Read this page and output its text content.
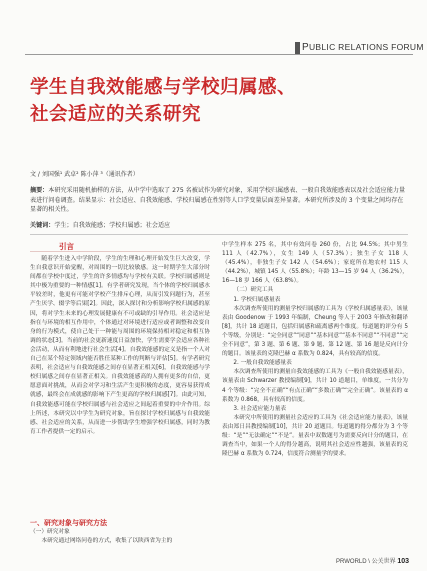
PUBLIC RELATIONS FORUM
学生自我效能感与学校归属感、
社会适应的关系研究
文 / 刘国强¹ 武卓² 陈小萍 ³（通讯作者）
摘要：本研究采用随机抽样的方法，从中学中选取了 275 名被试作为研究对象，采用学校归属感表、一般自我效能感表以及社会适应能力量表进行问卷调查。结果显示：社会适应、自我效能感、学校归属感在性别等人口学变量层面差异显著。本研究所涉及的 3 个变量之间均存在显著的相关性。
关键词：学生；自我效能感；学校归属感；社会适应
引言

随着学生进入中学阶段，学生的生理和心理开始发生巨大改变，学生自我意识开始觉醒，对周围的一切比较敏感。这一时期学生大部分时间都在学校中度过，学生的许多情感均与学校有关联。学校归属感则是其中极为重要的一种情感[1]。有学者研究发现，当个体的学校归属感水平较差时，他更有可能对学校产生排斥心理，从而引发问题行为，甚至产生厌学、辍学等后果[2]。因此，深入探讨和分析影响学校归属感的原因，将对学生未来的心理发展健康有不可或缺的引导作用。社会适应是指在与环境的相互作用中，个体通过对环境进行适应或者调整和改变自身的行为模式，使自己处于一种能与周围的环境保持相对稳定和相互协调的状态[3]。当前的社会更新速度日益加快，学生需要学会适应各种社会活动，从而有利地进行社会生活[4]。自我效能感的定义是指一个人对自己在某个特定领域内能否胜任某种工作的判断与评估[5]。有学者研究表明，社会适应与自我效能感之间存在显著正相关[6]，自我效能感与学校归属感之间存在显著正相关。自我效能感高的人拥有更多的自信，更愿意面对挑战，从而会对学习和生活产生更积极的态度，更容易获得成就感，最终会在成就感的影响下产生更高的学校归属感[7]。由此可知，自我效能感可能在学校归属感与社会适应之间起着重要的中介作用。综上所述，本研究以中学生为研究对象，旨在探讨学校归属感与自我效能感、社会适应的关系，从而进一步帮助学生增强学校归属感，同时为教育工作者提供一定的启示。

一、研究对象与研究方法
（一）研究对象

本研究通过网络问卷的方式，收集了以陕西省为主的

中学生样本 275 名，其中有效问卷 260 份，占比 94.5%；其中男生 111 人（42.7%），女生 149 人（57.3%）；独生子女 118 人（45.4%），非独生子女 142 人（54.6%）；家庭所在地农村 115 人（44.2%），城镇 145 人（55.8%）；年龄 13—15 岁 94 人（36.2%），16—18 岁 166 人（63.8%）。

（二）研究工具
1. 学校归属感量表

本次调查所使用的测量学校归属感的工具为《学校归属感量表》，该量表由 Goodenow 于 1993 年编制，Cheung 等人于 2003 年修改和翻译[8]，共计 18 道题目，包括归属感和疏离感两个维度。每道题的评分有 5 个等级，分别是：“完全同意”“同意”“基本同意”“基本不同意”“不同意”“完全不同意”，第 3 题、第 6 题、第 9 题、第 12 题、第 16 题是反向计分的题目。该量表的克隆巴赫 α 系数为 0.824，具有较高的信度。

2. 一般自我效能感量表

本次调查所使用的测量自我效能感的工具为《一般自我效能感量表》，该量表由 Schwarzer 教授编制[9]，共计 10 道题目，单维度，一共分为 4 个等级：“完全不正确”“有点正确”“多数正确”“完全正确”。该量表的 α 系数为 0.868，具有较高的信度。

3. 社会适应能力量表

本研究中所使用的测量社会适应的工具为《社会适应能力量表》，该量表由郑日昌教授编制[10]，共计 20 道题目。每道题的得分都分为 3 个等级：“是”“无法确定”“不是”。量表中双数题号为需要反向计分的题目，在调查当中，如果一个人的得分越高，说明其社会适应性越强，该量表的克隆巴赫 α 系数为 0.724，信度符合测量学的要求。

PRWORLD \ 公关世界 103
